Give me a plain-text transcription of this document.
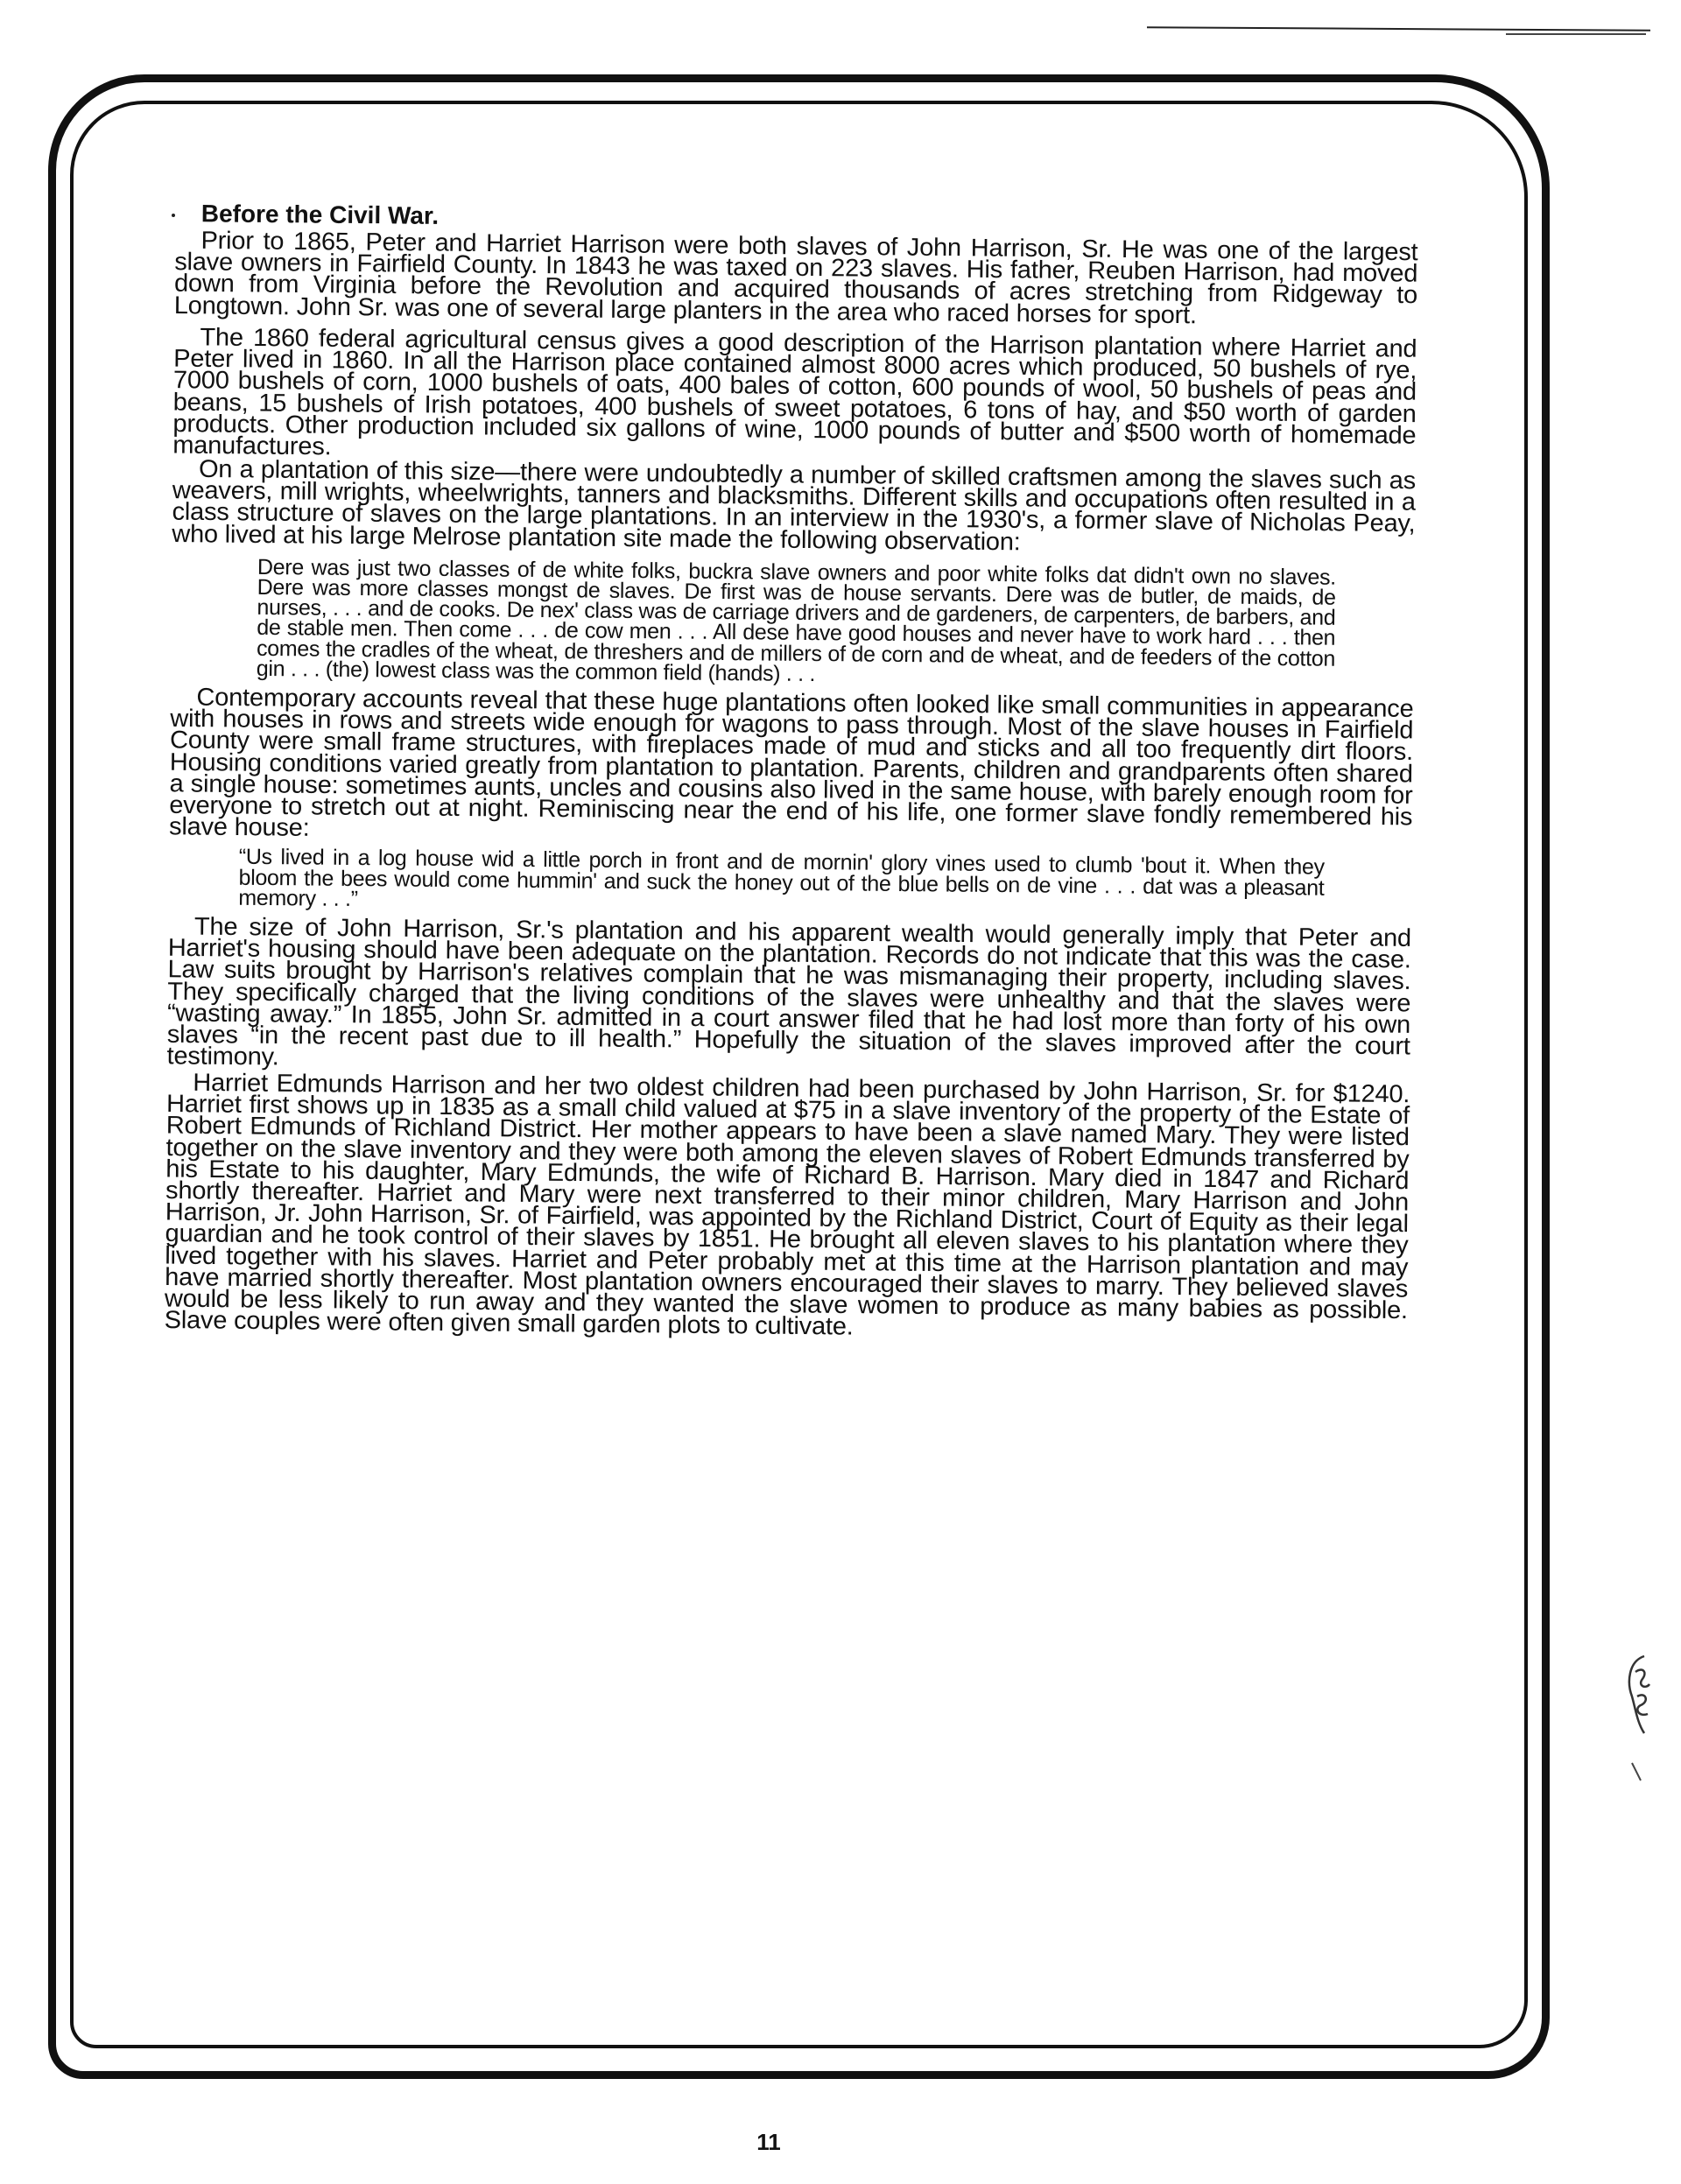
Before the Civil War.

Prior to 1865, Peter and Harriet Harrison were both slaves of John Harrison, Sr. He was one of the largest slave owners in Fairfield County. In 1843 he was taxed on 223 slaves. His father, Reuben Harrison, had moved down from Virginia before the Revolution and acquired thousands of acres stretching from Ridgeway to Longtown. John Sr. was one of several large planters in the area who raced horses for sport.

The 1860 federal agricultural census gives a good description of the Harrison plantation where Harriet and Peter lived in 1860. In all the Harrison place contained almost 8000 acres which produced, 50 bushels of rye, 7000 bushels of corn, 1000 bushels of oats, 400 bales of cotton, 600 pounds of wool, 50 bushels of peas and beans, 15 bushels of Irish potatoes, 400 bushels of sweet potatoes, 6 tons of hay, and $50 worth of garden products. Other production included six gallons of wine, 1000 pounds of butter and $500 worth of homemade manufactures.

On a plantation of this size—there were undoubtedly a number of skilled craftsmen among the slaves such as weavers, mill wrights, wheelwrights, tanners and blacksmiths. Different skills and occupations often resulted in a class structure of slaves on the large plantations. In an interview in the 1930's, a former slave of Nicholas Peay, who lived at his large Melrose plantation site made the following observation:

Dere was just two classes of de white folks, buckra slave owners and poor white folks dat didn't own no slaves. Dere was more classes mongst de slaves. De first was de house servants. Dere was de butler, de maids, de nurses, . . . and de cooks. De nex' class was de carriage drivers and de gardeners, de carpenters, de barbers, and de stable men. Then come . . . de cow men . . . All dese have good houses and never have to work hard . . . then comes the cradles of the wheat, de threshers and de millers of de corn and de wheat, and de feeders of the cotton gin . . . (the) lowest class was the common field (hands) . . .

Contemporary accounts reveal that these huge plantations often looked like small communities in appearance with houses in rows and streets wide enough for wagons to pass through. Most of the slave houses in Fairfield County were small frame structures, with fireplaces made of mud and sticks and all too frequently dirt floors. Housing conditions varied greatly from plantation to plantation. Parents, children and grandparents often shared a single house: sometimes aunts, uncles and cousins also lived in the same house, with barely enough room for everyone to stretch out at night. Reminiscing near the end of his life, one former slave fondly remembered his slave house:

“Us lived in a log house wid a little porch in front and de mornin' glory vines used to clumb 'bout it. When they bloom the bees would come hummin' and suck the honey out of the blue bells on de vine . . . dat was a pleasant memory . . .”

The size of John Harrison, Sr.'s plantation and his apparent wealth would generally imply that Peter and Harriet's housing should have been adequate on the plantation. Records do not indicate that this was the case. Law suits brought by Harrison's relatives complain that he was mismanaging their property, including slaves. They specifically charged that the living conditions of the slaves were unhealthy and that the slaves were “wasting away.” In 1855, John Sr. admitted in a court answer filed that he had lost more than forty of his own slaves “in the recent past due to ill health.” Hopefully the situation of the slaves improved after the court testimony.

Harriet Edmunds Harrison and her two oldest children had been purchased by John Harrison, Sr. for $1240. Harriet first shows up in 1835 as a small child valued at $75 in a slave inventory of the property of the Estate of Robert Edmunds of Richland District. Her mother appears to have been a slave named Mary. They were listed together on the slave inventory and they were both among the eleven slaves of Robert Edmunds transferred by his Estate to his daughter, Mary Edmunds, the wife of Richard B. Harrison. Mary died in 1847 and Richard shortly thereafter. Harriet and Mary were next transferred to their minor children, Mary Harrison and John Harrison, Jr. John Harrison, Sr. of Fairfield, was appointed by the Richland District, Court of Equity as their legal guardian and he took control of their slaves by 1851. He brought all eleven slaves to his plantation where they lived together with his slaves. Harriet and Peter probably met at this time at the Harrison plantation and may have married shortly thereafter. Most plantation owners encouraged their slaves to marry. They believed slaves would be less likely to run away and they wanted the slave women to produce as many babies as possible. Slave couples were often given small garden plots to cultivate.

11
